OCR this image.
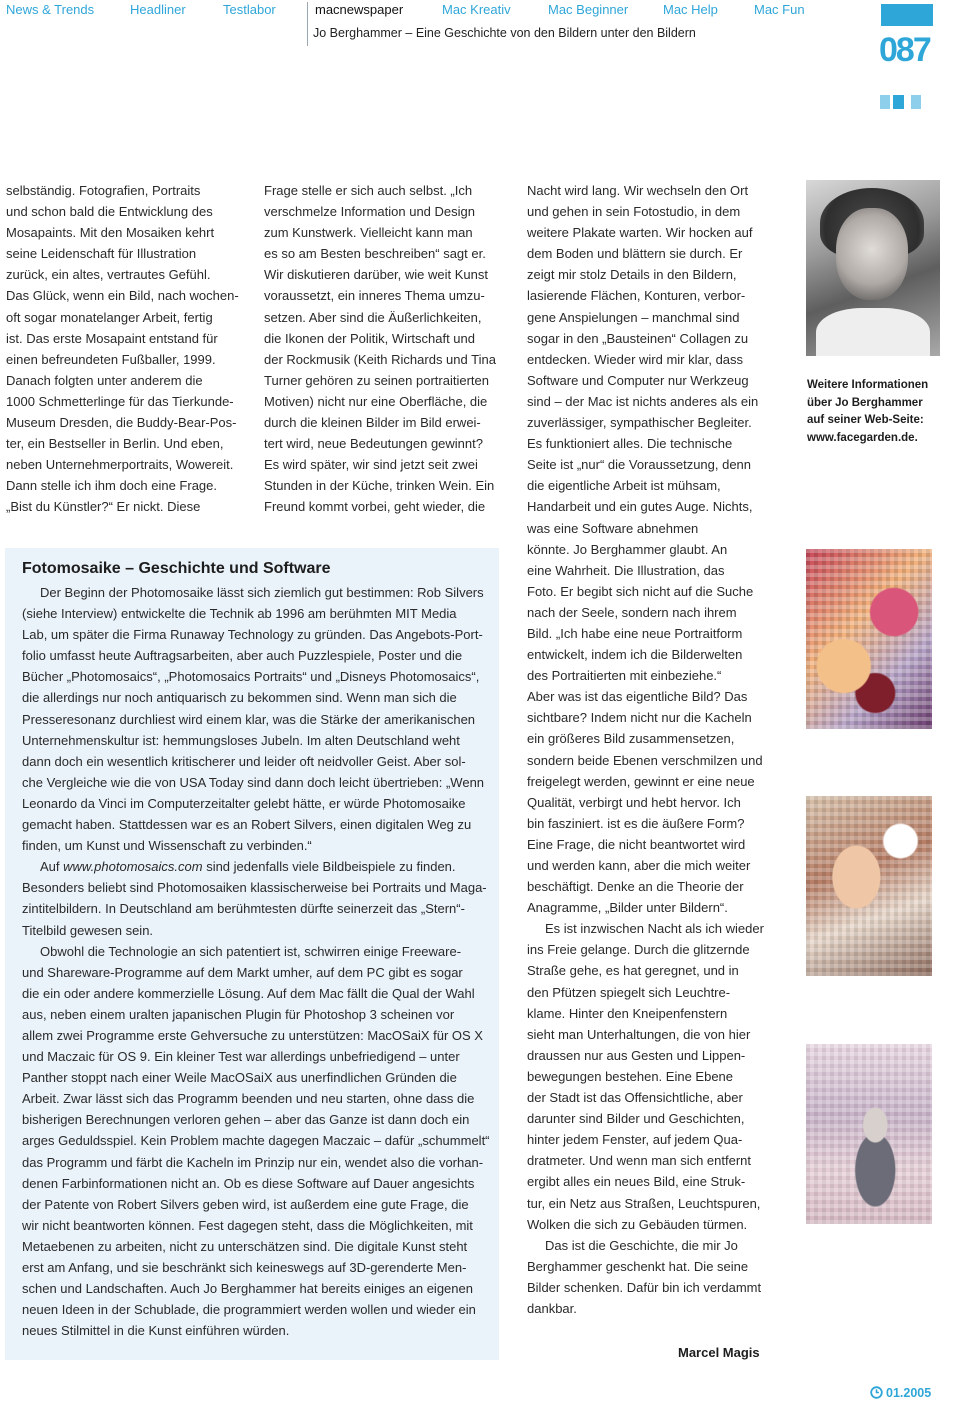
News & Trends	Headliner	Testlabor	macnewspaper	Mac Kreativ	Mac Beginner	Mac Help	Mac Fun
Jo Berghammer – Eine Geschichte von den Bildern unter den Bildern	087
selbständig. Fotografien, Portraits
und schon bald die Entwicklung des
Mosapaints. Mit den Mosaiken kehrt
seine Leidenschaft für Illustration
zurück, ein altes, vertrautes Gefühl.
Das Glück, wenn ein Bild, nach wochen-
oft sogar monatelanger Arbeit, fertig
ist. Das erste Mosapaint entstand für
einen befreundeten Fußballer, 1999.
Danach folgten unter anderem die
1000 Schmetterlinge für das Tierkunde-
Museum Dresden, die Buddy-Bear-Pos-
ter, ein Bestseller in Berlin. Und eben,
neben Unternehmerportraits, Wowereit.
Dann stelle ich ihm doch eine Frage.
„Bist du Künstler?“ Er nickt. Diese
Frage stelle er sich auch selbst. „Ich
verschmelze Information und Design
zum Kunstwerk. Vielleicht kann man
es so am Besten beschreiben“ sagt er.
Wir diskutieren darüber, wie weit Kunst
voraussetzt, ein inneres Thema umzu-
setzen. Aber sind die Äußerlichkeiten,
die Ikonen der Politik, Wirtschaft und
der Rockmusik (Keith Richards und Tina
Turner gehören zu seinen portraitierten
Motiven) nicht nur eine Oberfläche, die
durch die kleinen Bilder im Bild erwei-
tert wird, neue Bedeutungen gewinnt?
Es wird später, wir sind jetzt seit zwei
Stunden in der Küche, trinken Wein. Ein
Freund kommt vorbei, geht wieder, die

Nacht wird lang. Wir wechseln den Ort
und gehen in sein Fotostudio, in dem
weitere Plakate warten. Wir hocken auf
dem Boden und blättern sie durch. Er
zeigt mir stolz Details in den Bildern,
lasierende Flächen, Konturen, verbor-
gene Anspielungen – manchmal sind
sogar in den „Bausteinen“ Collagen zu
entdecken. Wieder wird mir klar, dass
Software und Computer nur Werkzeug
sind – der Mac ist nichts anderes als ein
zuverlässiger, sympathischer Begleiter.
Es funktioniert alles. Die technische
Seite ist „nur“ die Voraussetzung, denn
die eigentliche Arbeit ist mühsam,
Handarbeit und ein gutes Auge. Nichts,
was eine Software abnehmen
könnte. Jo Berghammer glaubt. An
eine Wahrheit. Die Illustration, das
Foto. Er begibt sich nicht auf die Suche
nach der Seele, sondern nach ihrem
Bild. „Ich habe eine neue Portraitform
entwickelt, indem ich die Bilderwelten
des Portraitierten mit einbeziehe.“
Aber was ist das eigentliche Bild? Das
sichtbare? Indem nicht nur die Kacheln
ein größeres Bild zusammensetzen,
sondern beide Ebenen verschmilzen und
freigelegt werden, gewinnt er eine neue
Qualität, verbirgt und hebt hervor. Ich
bin fasziniert. ist es die äußere Form?
Eine Frage, die nicht beantwortet wird
und werden kann, aber die mich weiter
beschäftigt. Denke an die Theorie der
Anagramme, „Bilder unter Bildern“.

Es ist inzwischen Nacht als ich wieder
ins Freie gelange. Durch die glitzernde
Straße gehe, es hat geregnet, und in
den Pfützen spiegelt sich Leuchtre-
klame. Hinter den Kneipenfenstern
sieht man Unterhaltungen, die von hier
draussen nur aus Gesten und Lippen-
bewegungen bestehen. Eine Ebene
der Stadt ist das Offensichtliche, aber
darunter sind Bilder und Geschichten,
hinter jedem Fenster, auf jedem Qua-
dratmeter. Und wenn man sich entfernt
ergibt alles ein neues Bild, eine Struk-
tur, ein Netz aus Straßen, Leuchtspuren,
Wolken die sich zu Gebäuden türmen.

Das ist die Geschichte, die mir Jo
Berghammer geschenkt hat. Die seine
Bilder schenken. Dafür bin ich verdammt
dankbar.

Fotomosaike – Geschichte und Software

Der Beginn der Photomosaike lässt sich ziemlich gut bestimmen: Rob Silvers
(siehe Interview) entwickelte die Technik ab 1996 am berühmten MIT Media
Lab, um später die Firma Runaway Technology zu gründen. Das Angebots-Port-
folio umfasst heute Auftragsarbeiten, aber auch Puzzlespiele, Poster und die
Bücher „Photomosaics“, „Photomosaics Portraits“ und „Disneys Photomosaics“,
die allerdings nur noch antiquarisch zu bekommen sind. Wenn man sich die
Presseresonanz durchliest wird einem klar, was die Stärke der amerikanischen
Unternehmenskultur ist: hemmungsloses Jubeln. Im alten Deutschland weht
dann doch ein wesentlich kritischerer und leider oft neidvoller Geist. Aber sol-
che Vergleiche wie die von USA Today sind dann doch leicht übertrieben: „Wenn
Leonardo da Vinci im Computerzeitalter gelebt hätte, er würde Photomosaike
gemacht haben. Stattdessen war es an Robert Silvers, einen digitalen Weg zu
finden, um Kunst und Wissenschaft zu verbinden.“

Auf www.photomosaics.com sind jedenfalls viele Bildbeispiele zu finden.
Besonders beliebt sind Photomosaiken klassischerweise bei Portraits und Maga-
zintitelbildern. In Deutschland am berühmtesten dürfte seinerzeit das „Stern“-
Titelbild gewesen sein.

Obwohl die Technologie an sich patentiert ist, schwirren einige Freeware-
und Shareware-Programme auf dem Markt umher, auf dem PC gibt es sogar
die ein oder andere kommerzielle Lösung. Auf dem Mac fällt die Qual der Wahl
aus, neben einem uralten japanischen Plugin für Photoshop 3 scheinen vor
allem zwei Programme erste Gehversuche zu unterstützen: MacOSaiX für OS X
und Maczaic für OS 9. Ein kleiner Test war allerdings unbefriedigend – unter
Panther stoppt nach einer Weile MacOSaiX aus unerfindlichen Gründen die
Arbeit. Zwar lässt sich das Programm beenden und neu starten, ohne dass die
bisherigen Berechnungen verloren gehen – aber das Ganze ist dann doch ein
arges Geduldsspiel. Kein Problem machte dagegen Maczaic – dafür „schummelt“
das Programm und färbt die Kacheln im Prinzip nur ein, wendet also die vorhan-
denen Farbinformationen nicht an. Ob es diese Software auf Dauer angesichts
der Patente von Robert Silvers geben wird, ist außerdem eine gute Frage, die
wir nicht beantworten können. Fest dagegen steht, dass die Möglichkeiten, mit
Metaebenen zu arbeiten, nicht zu unterschätzen sind. Die digitale Kunst steht
erst am Anfang, und sie beschränkt sich keineswegs auf 3D-gerenderte Men-
schen und Landschaften. Auch Jo Berghammer hat bereits einiges an eigenen
neuen Ideen in der Schublade, die programmiert werden wollen und wieder ein
neues Stilmittel in die Kunst einführen würden.

Weitere Informationen
über Jo Berghammer
auf seiner Web-Seite:
www.facegarden.de.
Marcel Magis
01.2005
